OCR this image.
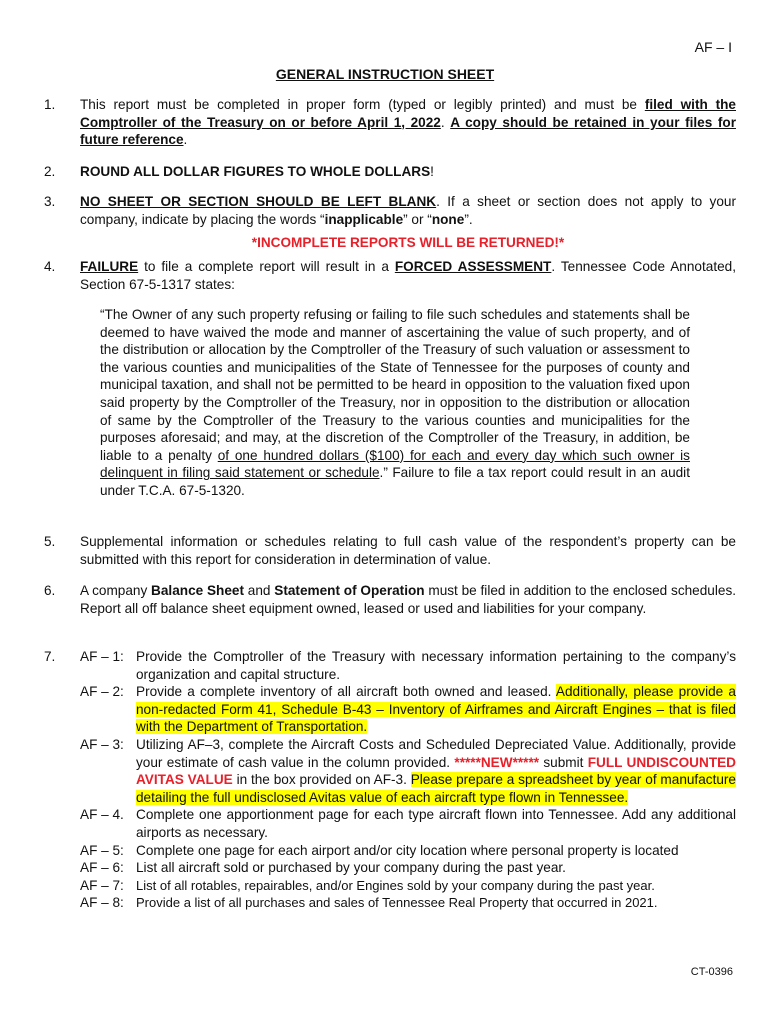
AF – I
GENERAL INSTRUCTION SHEET
1. This report must be completed in proper form (typed or legibly printed) and must be filed with the Comptroller of the Treasury on or before April 1, 2022. A copy should be retained in your files for future reference.
2. ROUND ALL DOLLAR FIGURES TO WHOLE DOLLARS!
3. NO SHEET OR SECTION SHOULD BE LEFT BLANK. If a sheet or section does not apply to your company, indicate by placing the words “inapplicable” or “none”.
*INCOMPLETE REPORTS WILL BE RETURNED!*
4. FAILURE to file a complete report will result in a FORCED ASSESSMENT. Tennessee Code Annotated, Section 67-5-1317 states:
“The Owner of any such property refusing or failing to file such schedules and statements shall be deemed to have waived the mode and manner of ascertaining the value of such property, and of the distribution or allocation by the Comptroller of the Treasury of such valuation or assessment to the various counties and municipalities of the State of Tennessee for the purposes of county and municipal taxation, and shall not be permitted to be heard in opposition to the valuation fixed upon said property by the Comptroller of the Treasury, nor in opposition to the distribution or allocation of same by the Comptroller of the Treasury to the various counties and municipalities for the purposes aforesaid; and may, at the discretion of the Comptroller of the Treasury, in addition, be liable to a penalty of one hundred dollars ($100) for each and every day which such owner is delinquent in filing said statement or schedule.” Failure to file a tax report could result in an audit under T.C.A. 67-5-1320.
5. Supplemental information or schedules relating to full cash value of the respondent’s property can be submitted with this report for consideration in determination of value.
6. A company Balance Sheet and Statement of Operation must be filed in addition to the enclosed schedules. Report all off balance sheet equipment owned, leased or used and liabilities for your company.
7. AF – 1: Provide the Comptroller of the Treasury with necessary information pertaining to the company’s organization and capital structure.
AF – 2: Provide a complete inventory of all aircraft both owned and leased. Additionally, please provide a non-redacted Form 41, Schedule B-43 – Inventory of Airframes and Aircraft Engines – that is filed with the Department of Transportation.
AF – 3: Utilizing AF–3, complete the Aircraft Costs and Scheduled Depreciated Value. Additionally, provide your estimate of cash value in the column provided. *****NEW***** submit FULL UNDISCOUNTED AVITAS VALUE in the box provided on AF-3. Please prepare a spreadsheet by year of manufacture detailing the full undisclosed Avitas value of each aircraft type flown in Tennessee.
AF – 4. Complete one apportionment page for each type aircraft flown into Tennessee. Add any additional airports as necessary.
AF – 5: Complete one page for each airport and/or city location where personal property is located
AF – 6: List all aircraft sold or purchased by your company during the past year.
AF – 7: List of all rotables, repairables, and/or Engines sold by your company during the past year.
AF – 8: Provide a list of all purchases and sales of Tennessee Real Property that occurred in 2021.
CT-0396
